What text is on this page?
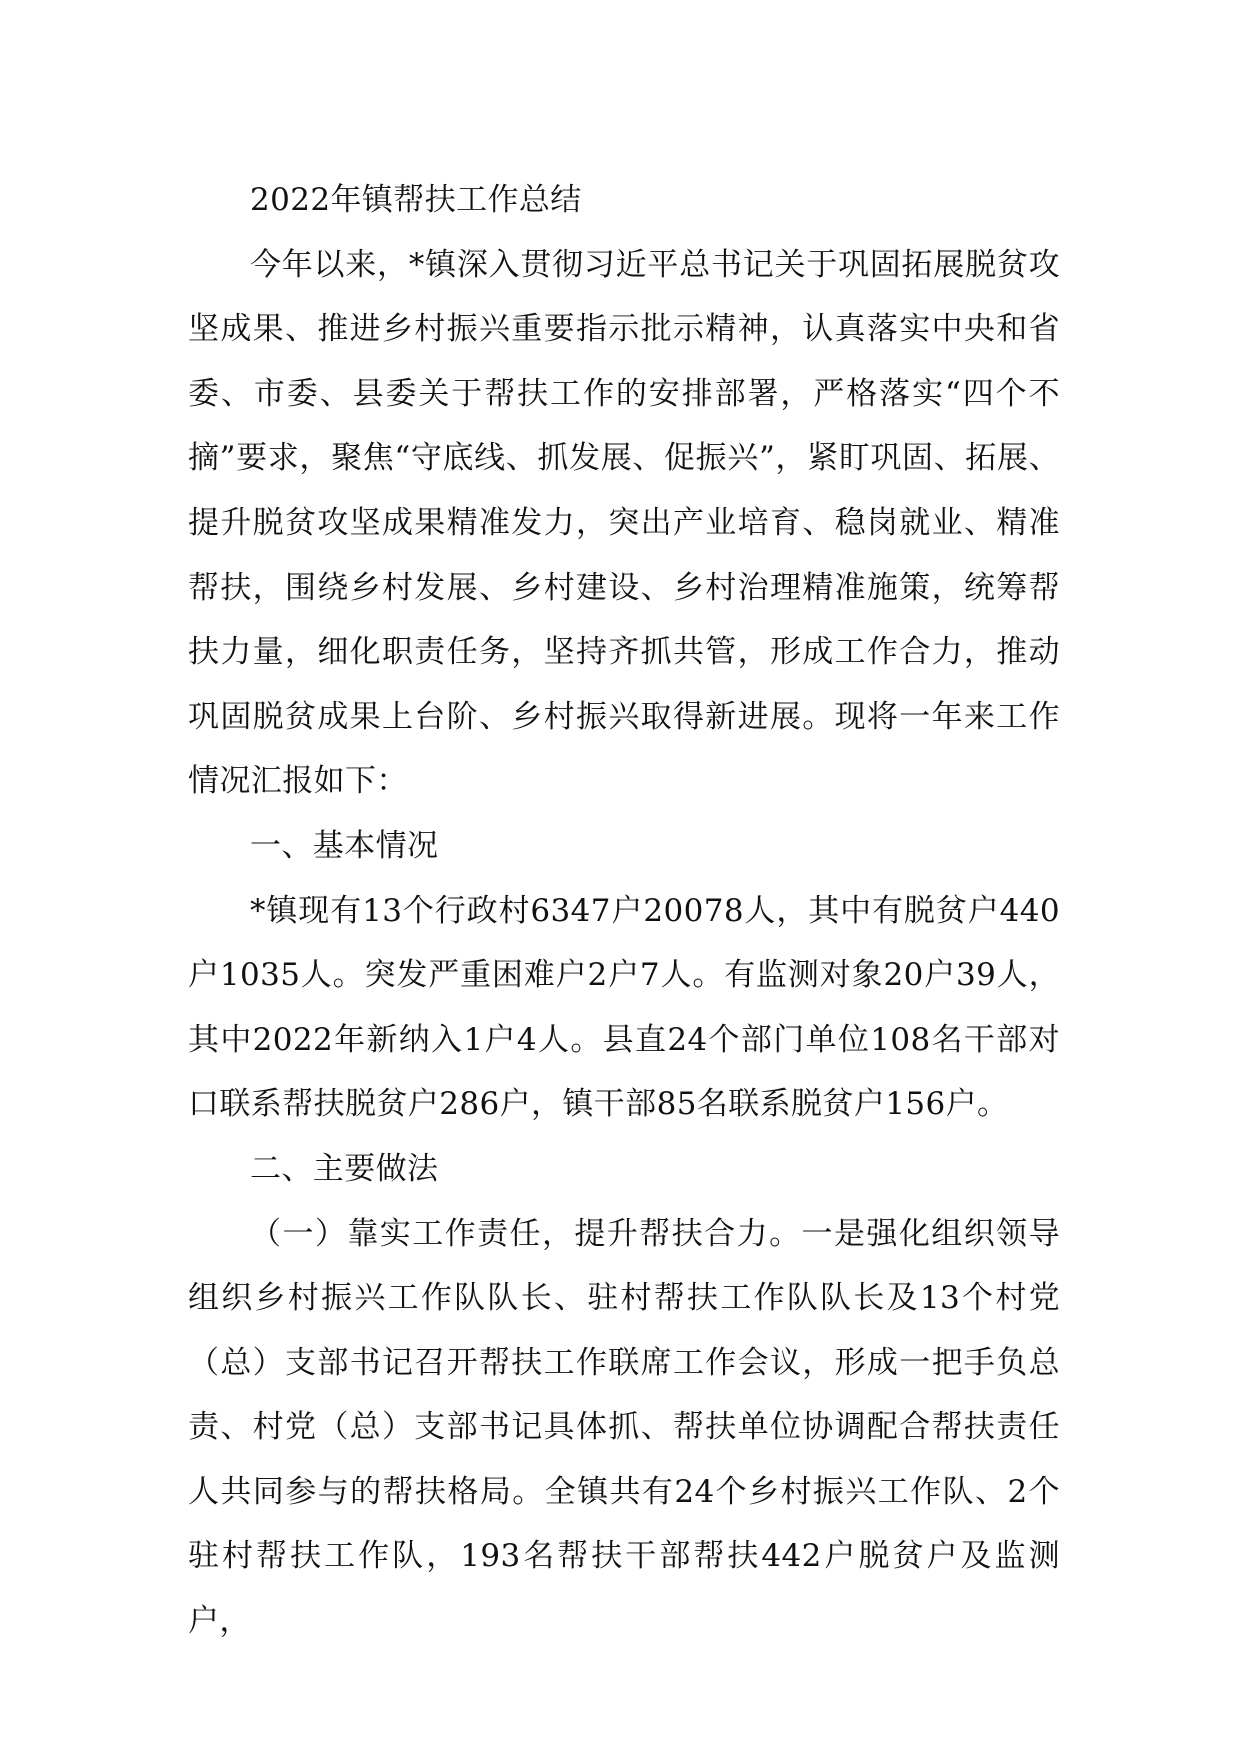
2022年镇帮扶工作总结

今年以来，*镇深入贯彻习近平总书记关于巩固拓展脱贫攻坚成果、推进乡村振兴重要指示批示精神，认真落实中央和省委、市委、县委关于帮扶工作的安排部署，严格落实“四个不摘”要求，聚焦“守底线、抓发展、促振兴”，紧盯巩固、拓展、提升脱贫攻坚成果精准发力，突出产业培育、稳岗就业、精准帮扶，围绕乡村发展、乡村建设、乡村治理精准施策，统筹帮扶力量，细化职责任务，坚持齐抓共管，形成工作合力，推动巩固脱贫成果上台阶、乡村振兴取得新进展。现将一年来工作情况汇报如下：

一、基本情况

*镇现有13个行政村6347户20078人，其中有脱贫户440户1035人。突发严重困难户2户7人。有监测对象20户39人，其中2022年新纳入1户4人。县直24个部门单位108名干部对口联系帮扶脱贫户286户，镇干部85名联系脱贫户156户。

二、主要做法

（一）靠实工作责任，提升帮扶合力。一是强化组织领导组织乡村振兴工作队队长、驻村帮扶工作队队长及13个村党（总）支部书记召开帮扶工作联席工作会议，形成一把手负总责、村党（总）支部书记具体抓、帮扶单位协调配合帮扶责任人共同参与的帮扶格局。全镇共有24个乡村振兴工作队、2个驻村帮扶工作队，193名帮扶干部帮扶442户脱贫户及监测户，
